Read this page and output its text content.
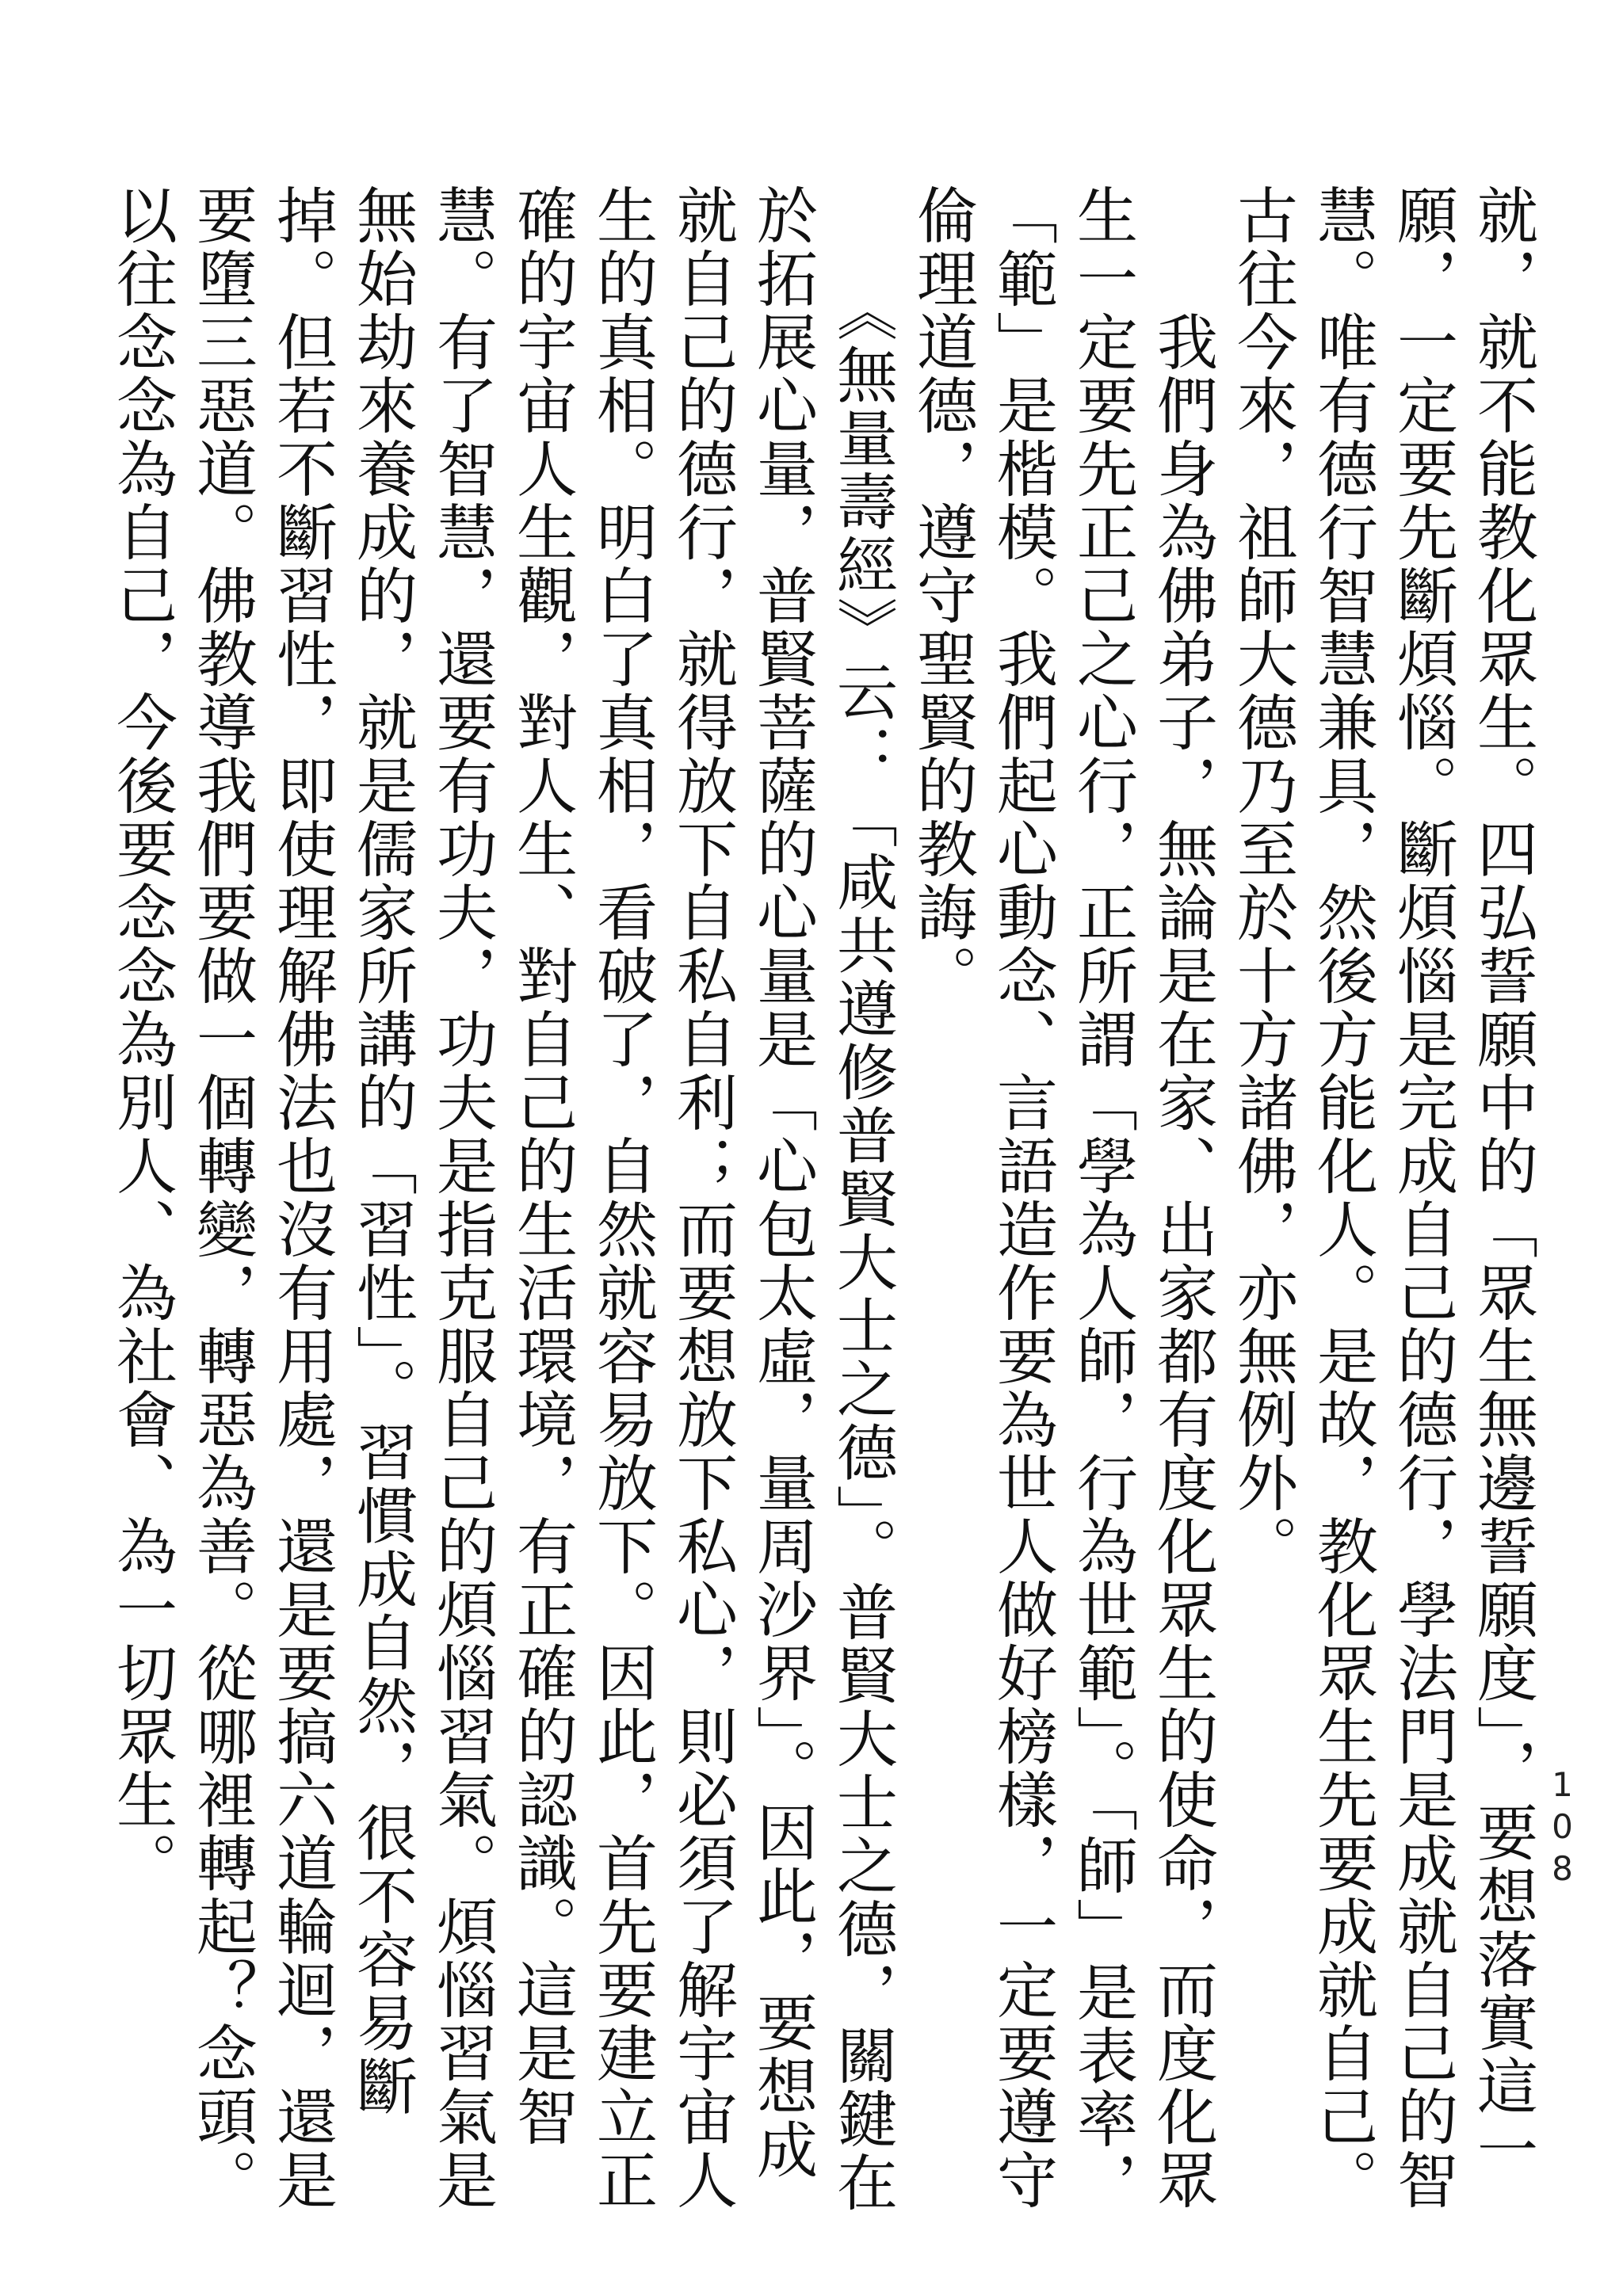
108

就，就不能教化眾生。四弘誓願中的「眾生無邊誓願度」，要想落實這一願，一定要先斷煩惱。斷煩惱是完成自己的德行，學法門是成就自己的智慧。唯有德行智慧兼具，然後方能化人。是故，教化眾生先要成就自己。古往今來，祖師大德乃至於十方諸佛，亦無例外。

　　我們身為佛弟子，無論是在家、出家都有度化眾生的使命，而度化眾生一定要先正己之心行，正所謂「學為人師，行為世範」。「師」是表率，「範」是楷模。我們起心動念、言語造作要為世人做好榜樣，一定要遵守倫理道德，遵守聖賢的教誨。

　　《無量壽經》云：「咸共遵修普賢大士之德」。普賢大士之德，關鍵在於拓展心量，普賢菩薩的心量是「心包太虛，量周沙界」。因此，要想成就自己的德行，就得放下自私自利；而要想放下私心，則必須了解宇宙人生的真相。明白了真相，看破了，自然就容易放下。因此，首先要建立正確的宇宙人生觀，對人生、對自己的生活環境，有正確的認識。這是智慧。有了智慧，還要有功夫，功夫是指克服自己的煩惱習氣。煩惱習氣是無始劫來養成的，就是儒家所講的「習性」。習慣成自然，很不容易斷掉。但若不斷習性，即使理解佛法也沒有用處，還是要搞六道輪迴，還是要墮三惡道。佛教導我們要做一個轉變，轉惡為善。從哪裡轉起？念頭。以往念念為自己，今後要念念為別人、為社會、為一切眾生。
